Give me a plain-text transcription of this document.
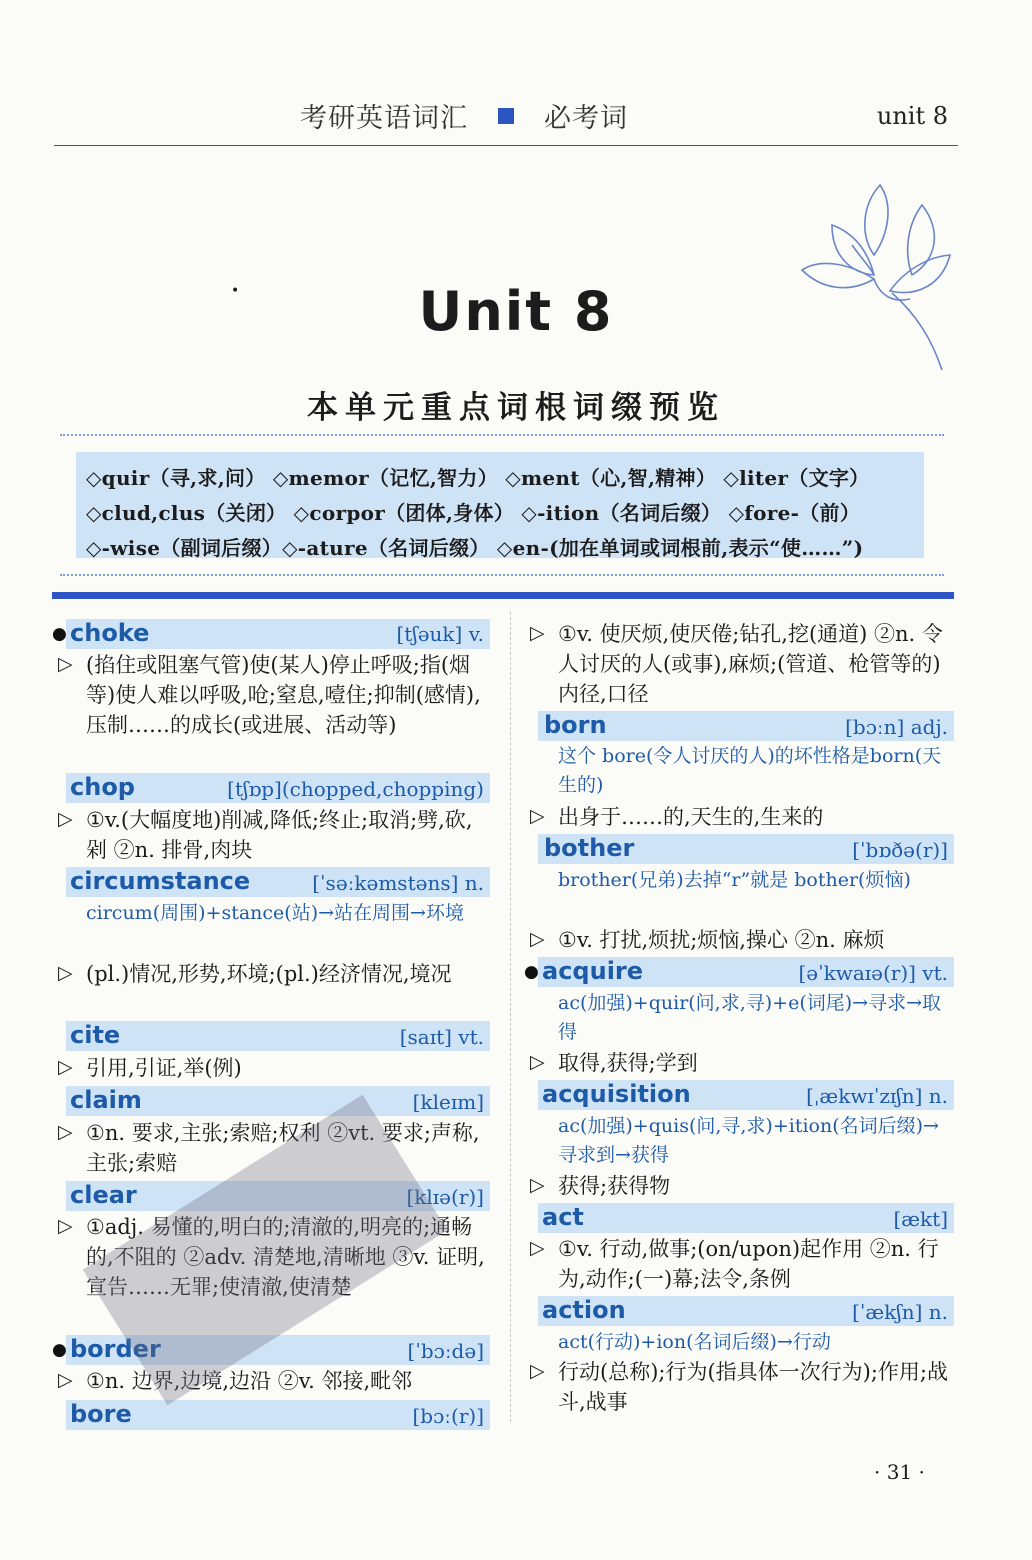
考研英语词汇	必考词	unit 8
•	Unit 8
本单元重点词根词缀预览
◇quir（寻,求,问） ◇memor（记忆,智力） ◇ment（心,智,精神） ◇liter（文字）
◇clud,clus（关闭） ◇corpor（团体,身体） ◇-ition（名词后缀） ◇fore-（前）
◇-wise（副词后缀）◇-ature（名词后缀） ◇en-(加在单词或词根前,表示“使……”)
● choke	[tʃəuk] v.
▷ (掐住或阻塞气管)使(某人)停止呼吸;指(烟等)使人难以呼吸,呛;窒息,噎住;抑制(感情),压制……的成长(或进展、活动等)
chop	[tʃɒp](chopped,chopping)
▷ ①v.(大幅度地)削减,降低;终止;取消;劈,砍,剁 ②n. 排骨,肉块
circumstance	[ˈsəːkəmstəns] n.
circum(周围)+stance(站)→站在周围→环境
▷ (pl.)情况,形势,环境;(pl.)经济情况,境况
cite	[saɪt] vt.
▷ 引用,引证,举(例)
claim	[kleɪm]
▷ ①n. 要求,主张;索赔;权利 ②vt. 要求;声称,主张;索赔
clear	[klɪə(r)]
▷ ①adj. 易懂的,明白的;清澈的,明亮的;通畅的,不阻的 ②adv. 清楚地,清晰地 ③v. 证明,宣告……无罪;使清澈,使清楚
● border	[ˈbɔːdə]
▷ ①n. 边界,边境,边沿 ②v. 邻接,毗邻
bore	[bɔː(r)]
▷ ①v. 使厌烦,使厌倦;钻孔,挖(通道) ②n. 令人讨厌的人(或事),麻烦;(管道、枪管等的)内径,口径
born	[bɔːn] adj.
这个 bore(令人讨厌的人)的坏性格是born(天生的)
▷ 出身于……的,天生的,生来的
bother	[ˈbɒðə(r)]
brother(兄弟)去掉“r”就是 bother(烦恼)
▷ ①v. 打扰,烦扰;烦恼,操心 ②n. 麻烦
● acquire	[əˈkwaɪə(r)] vt.
ac(加强)+quir(问,求,寻)+e(词尾)→寻求→取得
▷ 取得,获得;学到
acquisition	[ˌækwɪˈzɪʃn] n.
ac(加强)+quis(问,寻,求)+ition(名词后缀)→寻求到→获得
▷ 获得;获得物
act	[ækt]
▷ ①v. 行动,做事;(on/upon)起作用 ②n. 行为,动作;(一)幕;法令,条例
action	[ˈækʃn] n.
act(行动)+ion(名词后缀)→行动
▷ 行动(总称);行为(指具体一次行为);作用;战斗,战事
· 31 ·
